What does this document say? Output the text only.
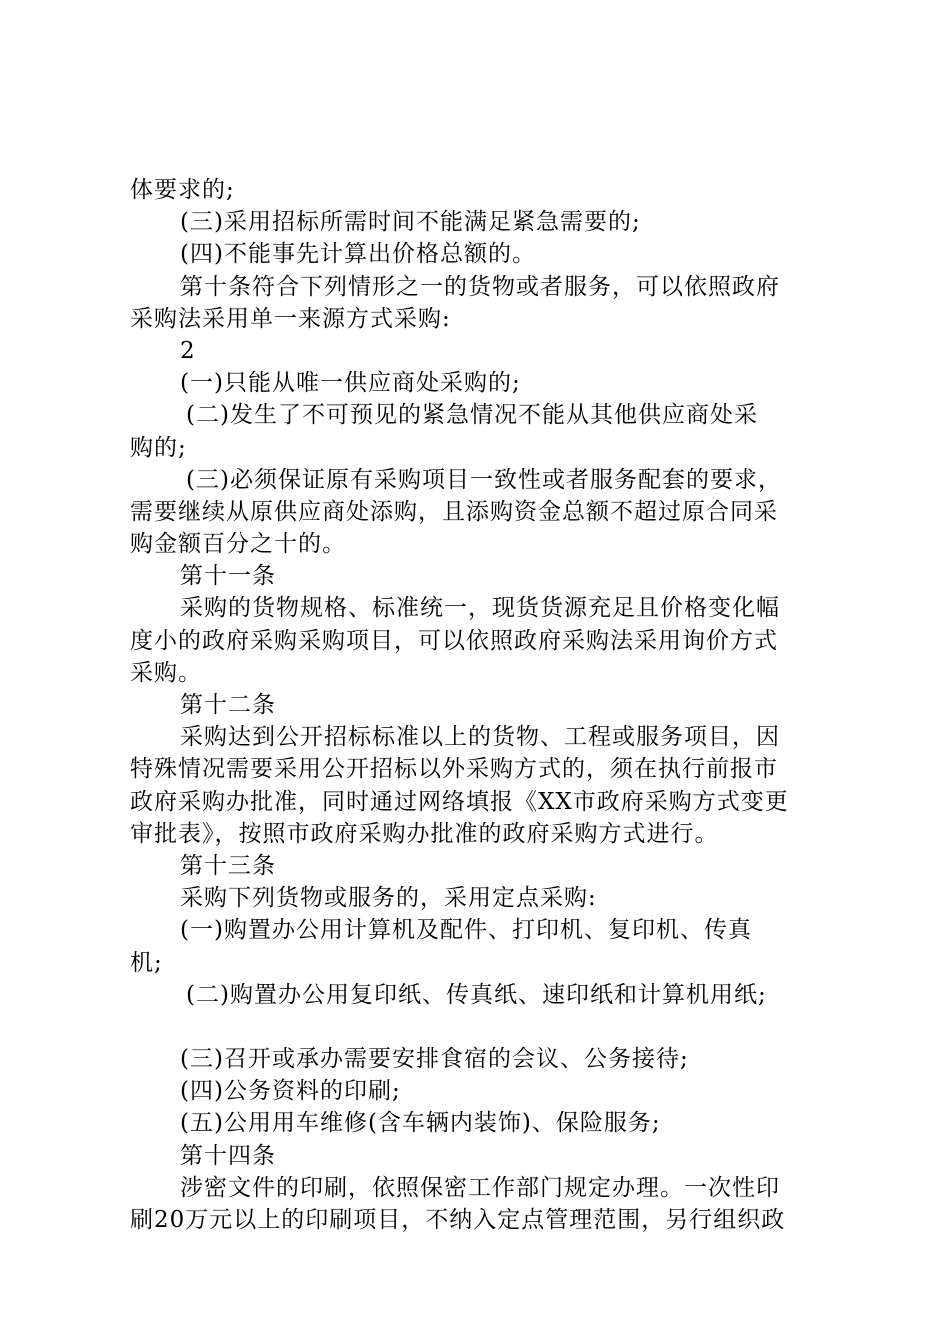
体要求的;
(三)采用招标所需时间不能满足紧急需要的;
(四)不能事先计算出价格总额的。
第十条符合下列情形之一的货物或者服务，可以依照政府
采购法采用单一来源方式采购:
2
(一)只能从唯一供应商处采购的;
(二)发生了不可预见的紧急情况不能从其他供应商处采
购的;
(三)必须保证原有采购项目一致性或者服务配套的要求，
需要继续从原供应商处添购，且添购资金总额不超过原合同采
购金额百分之十的。
第十一条
采购的货物规格、标准统一，现货货源充足且价格变化幅
度小的政府采购采购项目，可以依照政府采购法采用询价方式
采购。
第十二条
采购达到公开招标标准以上的货物、工程或服务项目，因
特殊情况需要采用公开招标以外采购方式的，须在执行前报市
政府采购办批准，同时通过网络填报《XX市政府采购方式变更
审批表》，按照市政府采购办批准的政府采购方式进行。
第十三条
采购下列货物或服务的，采用定点采购:
(一)购置办公用计算机及配件、打印机、复印机、传真
机;
(二)购置办公用复印纸、传真纸、速印纸和计算机用纸;
(三)召开或承办需要安排食宿的会议、公务接待;
(四)公务资料的印刷;
(五)公用用车维修(含车辆内装饰)、保险服务;
第十四条
涉密文件的印刷，依照保密工作部门规定办理。一次性印
刷20万元以上的印刷项目，不纳入定点管理范围，另行组织政
